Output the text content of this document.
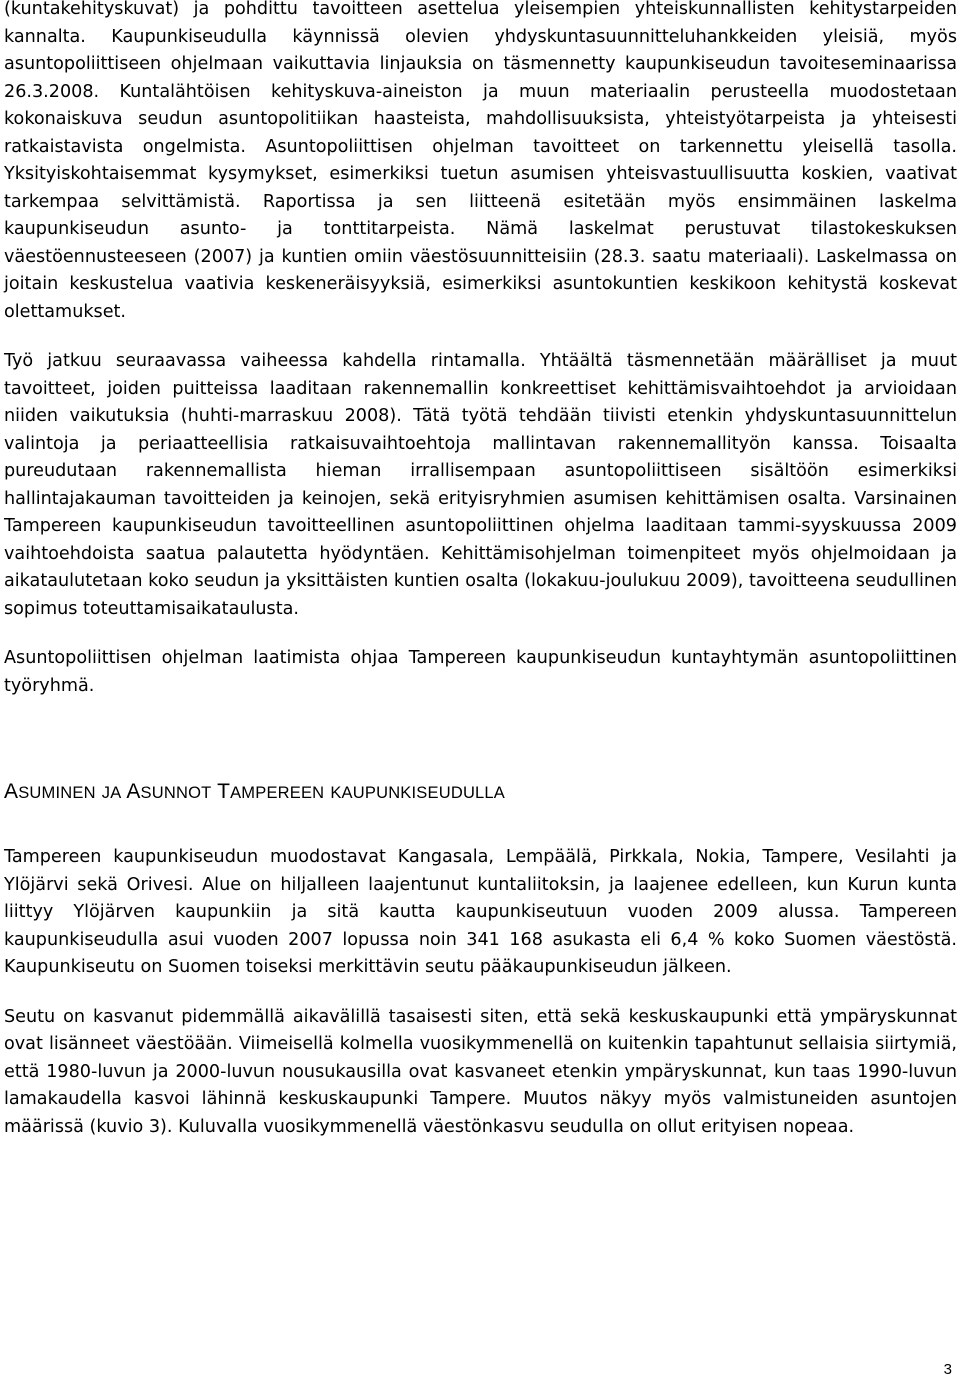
(kuntakehityskuvat) ja pohdittu tavoitteen asettelua yleisempien yhteiskunnallisten kehitystarpeiden kannalta. Kaupunkiseudulla käynnissä olevien yhdyskuntasuunnitteluhankkeiden yleisiä, myös asuntopoliittiseen ohjelmaan vaikuttavia linjauksia on täsmennetty kaupunkiseudun tavoiteseminaarissa 26.3.2008. Kuntalähtöisen kehityskuva-aineiston ja muun materiaalin perusteella muodostetaan kokonaiskuva seudun asuntopolitiikan haasteista, mahdollisuuksista, yhteistyötarpeista ja yhteisesti ratkaistavista ongelmista. Asuntopoliittisen ohjelman tavoitteet on tarkennettu yleisellä tasolla. Yksityiskohtaisemmat kysymykset, esimerkiksi tuetun asumisen yhteisvastuullisuutta koskien, vaativat tarkempaa selvittämistä. Raportissa ja sen liitteenä esitetään myös ensimmäinen laskelma kaupunkiseudun asunto- ja tonttitarpeista. Nämä laskelmat perustuvat tilastokeskuksen väestöennusteeseen (2007) ja kuntien omiin väestösuunnitteisiin (28.3. saatu materiaali). Laskelmassa on joitain keskustelua vaativia keskeneräisyyksiä, esimerkiksi asuntokuntien keskikoon kehitystä koskevat olettamukset.

Työ jatkuu seuraavassa vaiheessa kahdella rintamalla. Yhtäältä täsmennetään määrälliset ja muut tavoitteet, joiden puitteissa laaditaan rakennemallin konkreettiset kehittämisvaihtoehdot ja arvioidaan niiden vaikutuksia (huhti-marraskuu 2008). Tätä työtä tehdään tiivisti etenkin yhdyskuntasuunnittelun valintoja ja periaatteellisia ratkaisuvaihtoehtoja mallintavan rakennemallityön kanssa. Toisaalta pureudutaan rakennemallista hieman irrallisempaan asuntopoliittiseen sisältöön esimerkiksi hallintajakauman tavoitteiden ja keinojen, sekä erityisryhmien asumisen kehittämisen osalta. Varsinainen Tampereen kaupunkiseudun tavoitteellinen asuntopoliittinen ohjelma laaditaan tammi-syyskuussa 2009 vaihtoehdoista saatua palautetta hyödyntäen. Kehittämisohjelman toimenpiteet myös ohjelmoidaan ja aikataulutetaan koko seudun ja yksittäisten kuntien osalta (lokakuu-joulukuu 2009), tavoitteena seudullinen sopimus toteuttamisaikataulusta.

Asuntopoliittisen ohjelman laatimista ohjaa Tampereen kaupunkiseudun kuntayhtymän asuntopoliittinen työryhmä.

ASUMINEN JA ASUNNOT TAMPEREEN KAUPUNKISEUDULLA

Tampereen kaupunkiseudun muodostavat Kangasala, Lempäälä, Pirkkala, Nokia, Tampere, Vesilahti ja Ylöjärvi sekä Orivesi. Alue on hiljalleen laajentunut kuntaliitoksin, ja laajenee edelleen, kun Kurun kunta liittyy Ylöjärven kaupunkiin ja sitä kautta kaupunkiseutuun vuoden 2009 alussa. Tampereen kaupunkiseudulla asui vuoden 2007 lopussa noin 341 168 asukasta eli 6,4 % koko Suomen väestöstä. Kaupunkiseutu on Suomen toiseksi merkittävin seutu pääkaupunkiseudun jälkeen.

Seutu on kasvanut pidemmällä aikavälillä tasaisesti siten, että sekä keskuskaupunki että ympäryskunnat ovat lisänneet väestöään. Viimeisellä kolmella vuosikymmenellä on kuitenkin tapahtunut sellaisia siirtymiä, että 1980-luvun ja 2000-luvun nousukausilla ovat kasvaneet etenkin ympäryskunnat, kun taas 1990-luvun lamakaudella kasvoi lähinnä keskuskaupunki Tampere. Muutos näkyy myös valmistuneiden asuntojen määrissä (kuvio 3). Kuluvalla vuosikymmenellä väestönkasvu seudulla on ollut erityisen nopeaa.

3
